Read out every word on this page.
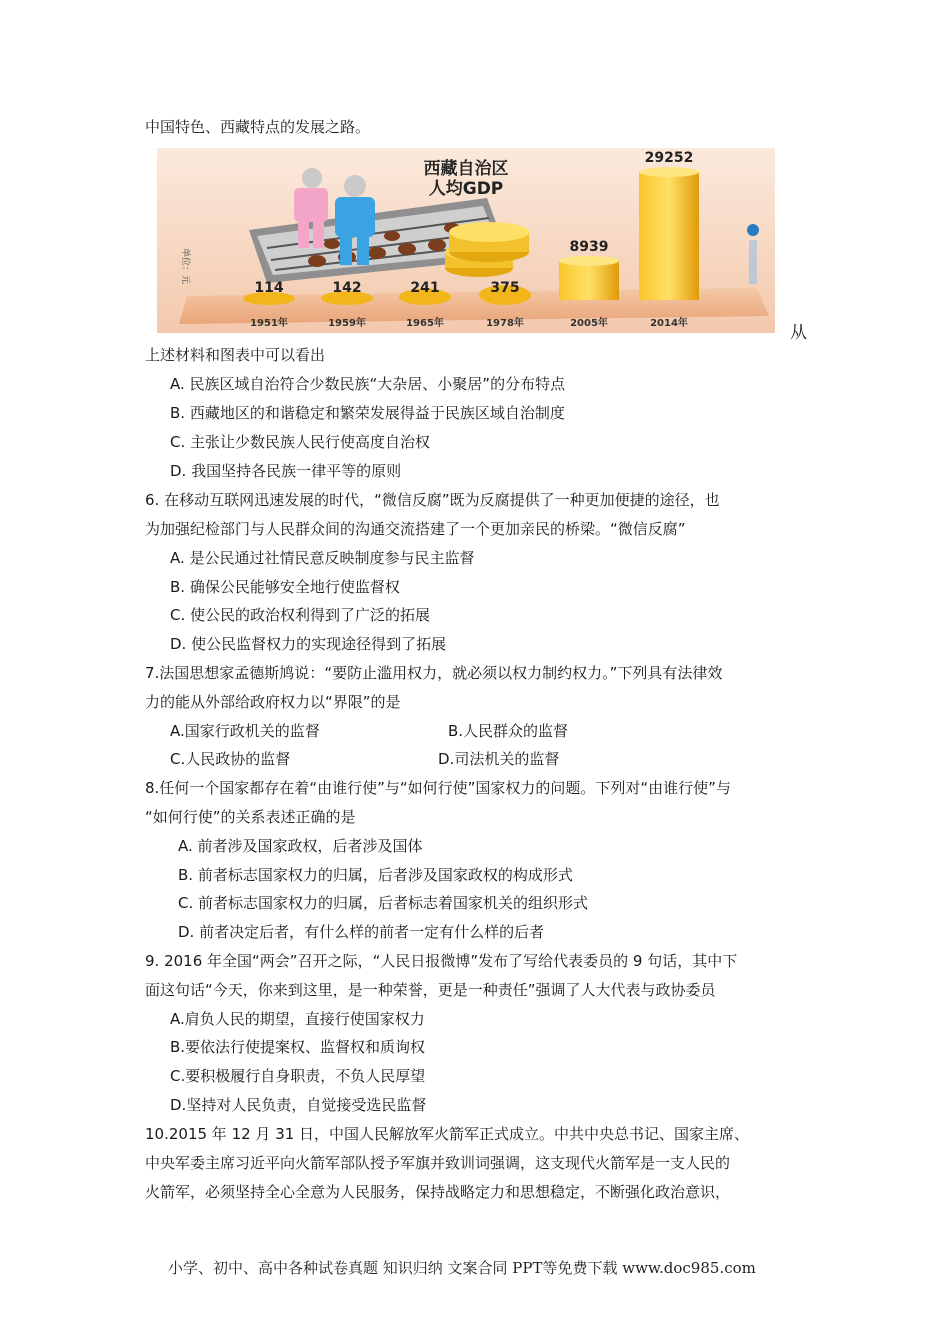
中国特色、西藏特点的发展之路。
西藏自治区
人均GDP
单位：元
114	142	241	375
8939
29252
1951年	1959年	1965年	1978年	2005年	2014年	从
上述材料和图表中可以看出
A. 民族区域自治符合少数民族“大杂居、小聚居”的分布特点
B. 西藏地区的和谐稳定和繁荣发展得益于民族区域自治制度
C. 主张让少数民族人民行使高度自治权
D. 我国坚持各民族一律平等的原则
6. 在移动互联网迅速发展的时代，“微信反腐”既为反腐提供了一种更加便捷的途径，也
为加强纪检部门与人民群众间的沟通交流搭建了一个更加亲民的桥梁。“微信反腐”
A. 是公民通过社情民意反映制度参与民主监督
B. 确保公民能够安全地行使监督权
C. 使公民的政治权利得到了广泛的拓展
D. 使公民监督权力的实现途径得到了拓展
7.法国思想家孟德斯鸠说：“要防止滥用权力，就必须以权力制约权力。”下列具有法律效
力的能从外部给政府权力以“界限”的是
A.国家行政机关的监督	B.人民群众的监督
C.人民政协的监督	D.司法机关的监督
8.任何一个国家都存在着“由谁行使”与“如何行使”国家权力的问题。下列对“由谁行使”与
“如何行使”的关系表述正确的是
A. 前者涉及国家政权，后者涉及国体
B. 前者标志国家权力的归属，后者涉及国家政权的构成形式
C. 前者标志国家权力的归属，后者标志着国家机关的组织形式
D. 前者决定后者，有什么样的前者一定有什么样的后者
9. 2016 年全国“两会”召开之际，“人民日报微博”发布了写给代表委员的 9 句话，其中下
面这句话“今天，你来到这里，是一种荣誉，更是一种责任”强调了人大代表与政协委员
A.肩负人民的期望，直接行使国家权力
B.要依法行使提案权、监督权和质询权
C.要积极履行自身职责，不负人民厚望
D.坚持对人民负责，自觉接受选民监督
10.2015 年 12 月 31 日，中国人民解放军火箭军正式成立。中共中央总书记、国家主席、
中央军委主席习近平向火箭军部队授予军旗并致训词强调，这支现代火箭军是一支人民的
火箭军，必须坚持全心全意为人民服务，保持战略定力和思想稳定，不断强化政治意识，
小学、初中、高中各种试卷真题 知识归纳 文案合同 PPT等免费下载 www.doc985.com
